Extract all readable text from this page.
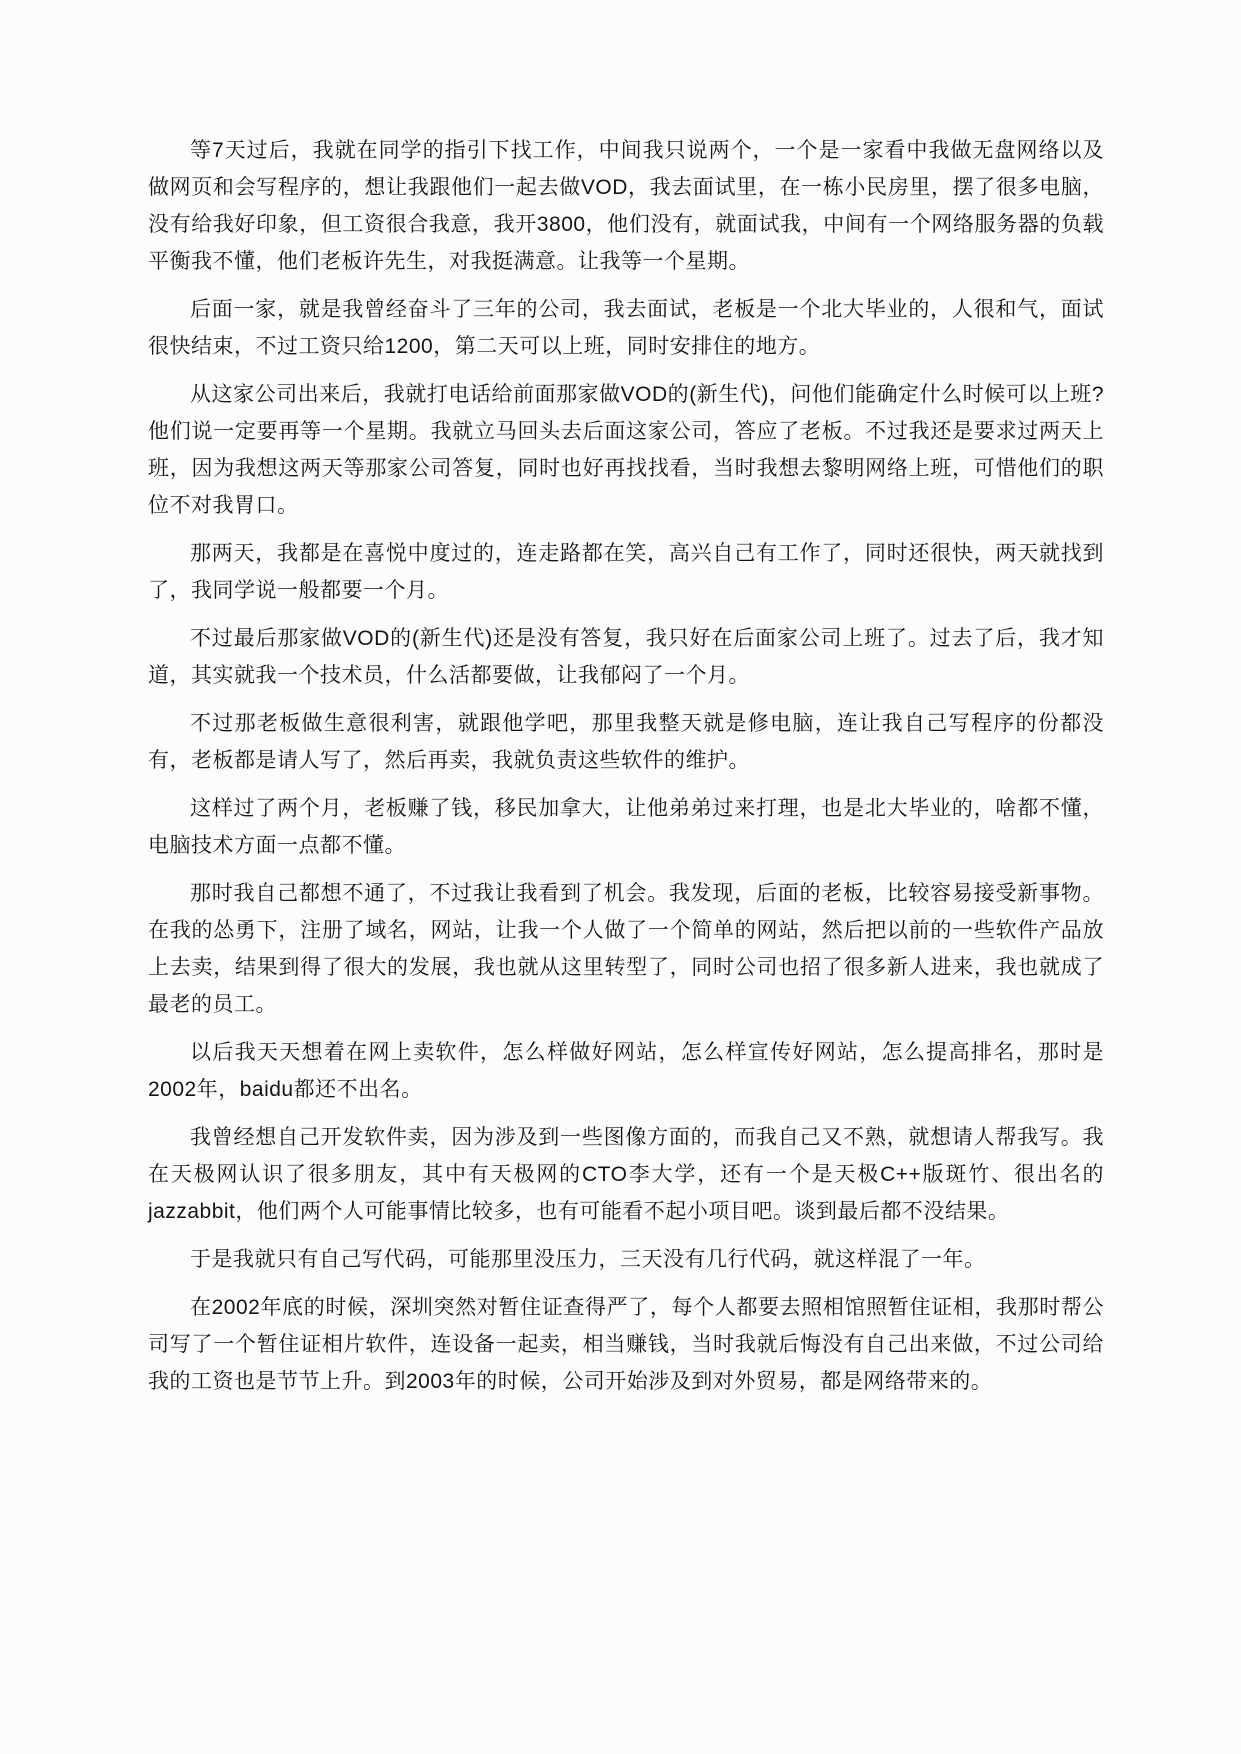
等7天过后，我就在同学的指引下找工作，中间我只说两个，一个是一家看中我做无盘网络以及做网页和会写程序的，想让我跟他们一起去做VOD，我去面试里，在一栋小民房里，摆了很多电脑，没有给我好印象，但工资很合我意，我开3800，他们没有，就面试我，中间有一个网络服务器的负载平衡我不懂，他们老板许先生，对我挺满意。让我等一个星期。

后面一家，就是我曾经奋斗了三年的公司，我去面试，老板是一个北大毕业的，人很和气，面试很快结束，不过工资只给1200，第二天可以上班，同时安排住的地方。

从这家公司出来后，我就打电话给前面那家做VOD的(新生代)，问他们能确定什么时候可以上班?他们说一定要再等一个星期。我就立马回头去后面这家公司，答应了老板。不过我还是要求过两天上班，因为我想这两天等那家公司答复，同时也好再找找看，当时我想去黎明网络上班，可惜他们的职位不对我胃口。

那两天，我都是在喜悦中度过的，连走路都在笑，高兴自己有工作了，同时还很快，两天就找到了，我同学说一般都要一个月。

不过最后那家做VOD的(新生代)还是没有答复，我只好在后面家公司上班了。过去了后，我才知道，其实就我一个技术员，什么活都要做，让我郁闷了一个月。

不过那老板做生意很利害，就跟他学吧，那里我整天就是修电脑，连让我自己写程序的份都没有，老板都是请人写了，然后再卖，我就负责这些软件的维护。

这样过了两个月，老板赚了钱，移民加拿大，让他弟弟过来打理，也是北大毕业的，啥都不懂，电脑技术方面一点都不懂。

那时我自己都想不通了，不过我让我看到了机会。我发现，后面的老板，比较容易接受新事物。在我的怂勇下，注册了域名，网站，让我一个人做了一个简单的网站，然后把以前的一些软件产品放上去卖，结果到得了很大的发展，我也就从这里转型了，同时公司也招了很多新人进来，我也就成了最老的员工。

以后我天天想着在网上卖软件，怎么样做好网站，怎么样宣传好网站，怎么提高排名，那时是2002年，baidu都还不出名。

我曾经想自己开发软件卖，因为涉及到一些图像方面的，而我自己又不熟，就想请人帮我写。我在天极网认识了很多朋友，其中有天极网的CTO李大学，还有一个是天极C++版斑竹、很出名的jazzabbit，他们两个人可能事情比较多，也有可能看不起小项目吧。谈到最后都不没结果。

于是我就只有自己写代码，可能那里没压力，三天没有几行代码，就这样混了一年。

在2002年底的时候，深圳突然对暂住证查得严了，每个人都要去照相馆照暂住证相，我那时帮公司写了一个暂住证相片软件，连设备一起卖，相当赚钱，当时我就后悔没有自己出来做，不过公司给我的工资也是节节上升。到2003年的时候，公司开始涉及到对外贸易，都是网络带来的。
